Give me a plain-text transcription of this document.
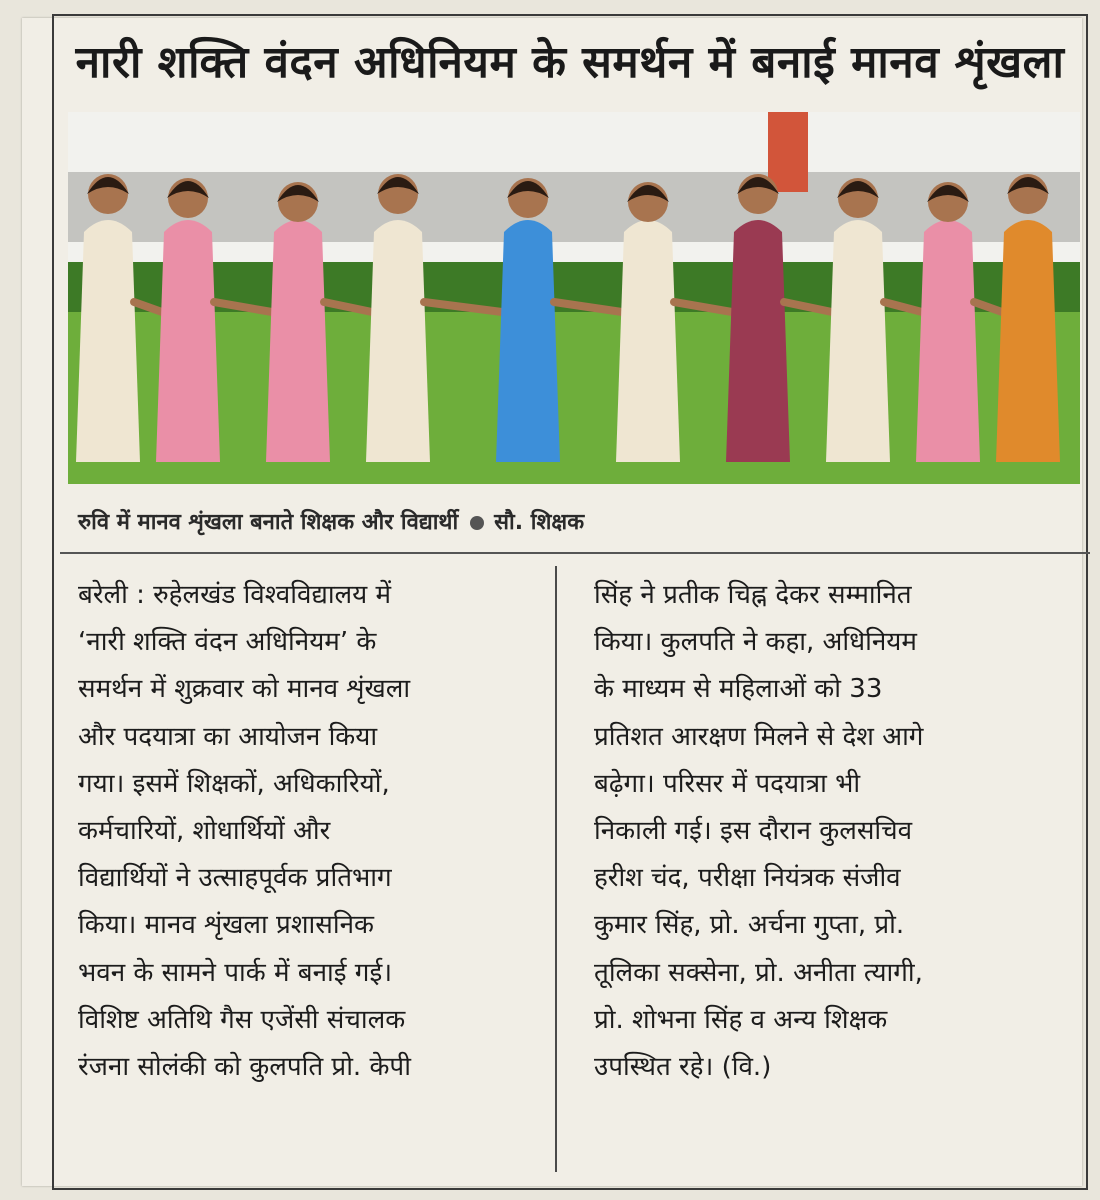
नारी शक्ति वंदन अधिनियम के समर्थन में बनाई मानव शृंखला
रुवि में मानव शृंखला बनाते शिक्षक और विद्यार्थी सौ. शिक्षक
बरेली : रुहेलखंड विश्वविद्यालय में
‘नारी शक्ति वंदन अधिनियम’ के
समर्थन में शुक्रवार को मानव शृंखला
और पदयात्रा का आयोजन किया
गया। इसमें शिक्षकों, अधिकारियों,
कर्मचारियों, शोधार्थियों और
विद्यार्थियों ने उत्साहपूर्वक प्रतिभाग
किया। मानव शृंखला प्रशासनिक
भवन के सामने पार्क में बनाई गई।
विशिष्ट अतिथि गैस एजेंसी संचालक
रंजना सोलंकी को कुलपति प्रो. केपी
सिंह ने प्रतीक चिह्न देकर सम्मानित
किया। कुलपति ने कहा, अधिनियम
के माध्यम से महिलाओं को 33
प्रतिशत आरक्षण मिलने से देश आगे
बढ़ेगा। परिसर में पदयात्रा भी
निकाली गई। इस दौरान कुलसचिव
हरीश चंद, परीक्षा नियंत्रक संजीव
कुमार सिंह, प्रो. अर्चना गुप्ता, प्रो.
तूलिका सक्सेना, प्रो. अनीता त्यागी,
प्रो. शोभना सिंह व अन्य शिक्षक
उपस्थित रहे। (वि.)
